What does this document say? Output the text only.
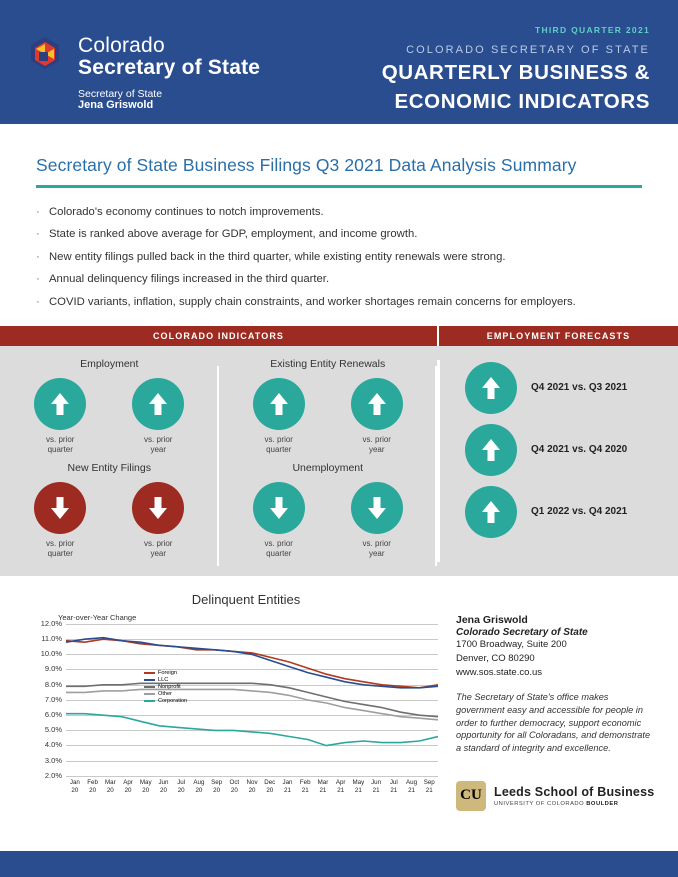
Colorado
Secretary of State
Secretary of State
Jena Griswold
THIRD QUARTER 2021
COLORADO SECRETARY OF STATE
QUARTERLY BUSINESS &
ECONOMIC INDICATORS
Secretary of State Business Filings Q3 2021 Data Analysis Summary
· Colorado's economy continues to notch improvements.
· State is ranked above average for GDP, employment, and income growth.
· New entity filings pulled back in the third quarter, while existing entity renewals were strong.
· Annual delinquency filings increased in the third quarter.
· COVID variants, inflation, supply chain constraints, and worker shortages remain concerns for employers.
COLORADO INDICATORS	EMPLOYMENT FORECASTS
Employment
vs. prior
quarter
vs. prior
year
New Entity Filings
vs. prior
quarter
vs. prior
year
Existing Entity Renewals
vs. prior
quarter
vs. prior
year
Unemployment
vs. prior
quarter
vs. prior
year
Q4 2021 vs. Q3 2021
Q4 2021 vs. Q4 2020
Q1 2022 vs. Q4 2021
Delinquent Entities
Year-over-Year Change
12.0%
11.0%
10.0%
9.0%
8.0%
7.0%
6.0%
5.0%
4.0%
3.0%
2.0%
Foreign
LLC
Nonprofit
Other
Corporation
Jan
20
Feb
20
Mar
20
Apr
20
May
20
Jun
20
Jul
20
Aug
20
Sep
20
Oct
20
Nov
20
Dec
20
Jan
21
Feb
21
Mar
21
Apr
21
May
21
Jun
21
Jul
21
Aug
21
Sep
21
Jena Griswold
Colorado Secretary of State
1700 Broadway, Suite 200
Denver, CO 80290
www.sos.state.co.us
The Secretary of State's office makes government easy and accessible for people in order to further democracy, support economic opportunity for all Coloradans, and demonstrate a standard of integrity and excellence.
CU Leeds School of Business
UNIVERSITY OF COLORADO BOULDER
